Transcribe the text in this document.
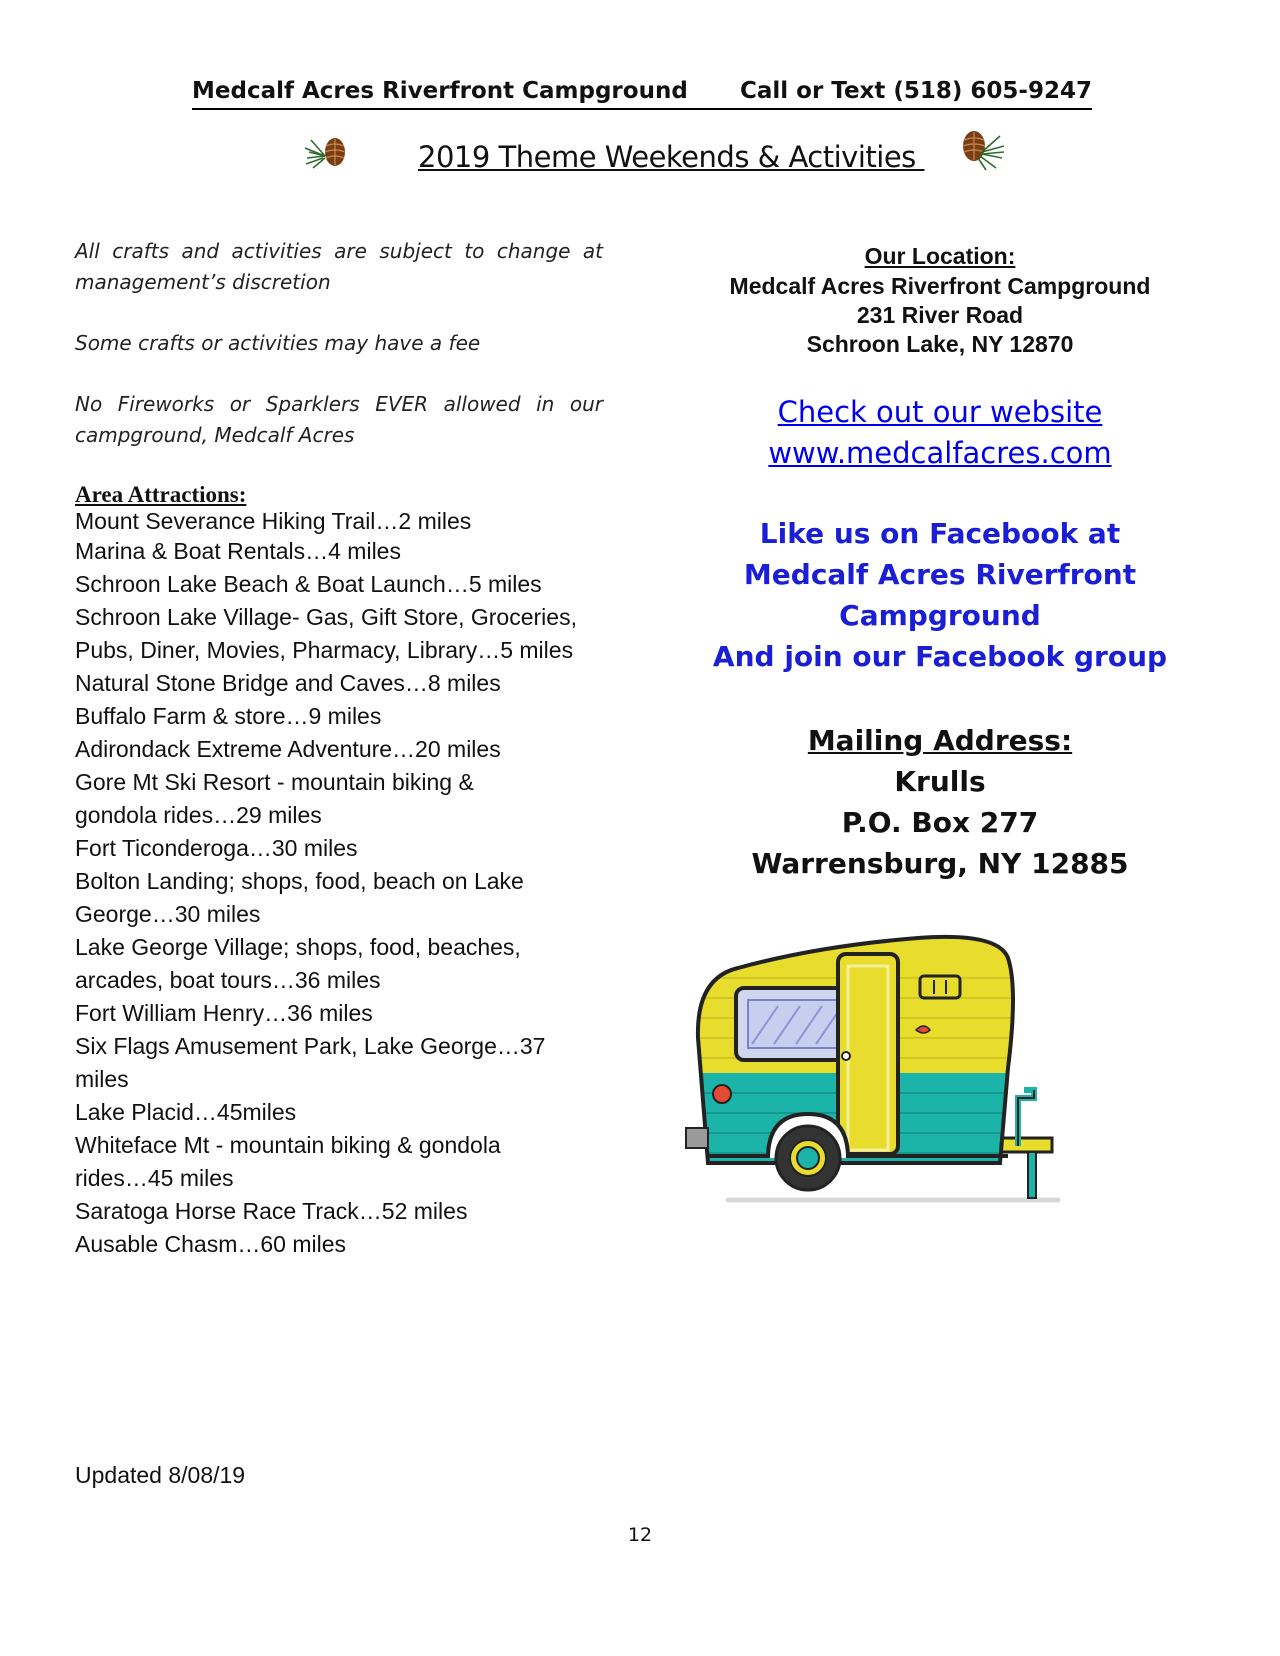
Medcalf Acres Riverfront Campground Call or Text (518) 605-9247
2019 Theme Weekends & Activities
All crafts and activities are subject to change at management’s discretion
Some crafts or activities may have a fee
No Fireworks or Sparklers EVER allowed in our campground, Medcalf Acres
Area Attractions:
Mount Severance Hiking Trail…2 miles
Marina & Boat Rentals…4 miles
Schroon Lake Beach & Boat Launch…5 miles
Schroon Lake Village- Gas, Gift Store, Groceries, Pubs, Diner, Movies, Pharmacy, Library…5 miles
Natural Stone Bridge and Caves…8 miles
Buffalo Farm & store…9 miles
Adirondack Extreme Adventure…20 miles
Gore Mt Ski Resort - mountain biking & gondola rides…29 miles
Fort Ticonderoga…30 miles
Bolton Landing; shops, food, beach on Lake George…30 miles
Lake George Village; shops, food, beaches, arcades, boat tours…36 miles
Fort William Henry…36 miles
Six Flags Amusement Park, Lake George…37 miles
Lake Placid…45miles
Whiteface Mt - mountain biking & gondola rides…45 miles
Saratoga Horse Race Track…52 miles
Ausable Chasm…60 miles
Our Location:
Medcalf Acres Riverfront Campground
231 River Road
Schroon Lake, NY 12870
Check out our website
www.medcalfacres.com
Like us on Facebook at
Medcalf Acres Riverfront
Campground
And join our Facebook group
Mailing Address:
Krulls
P.O. Box 277
Warrensburg, NY 12885
Updated 8/08/19
12
